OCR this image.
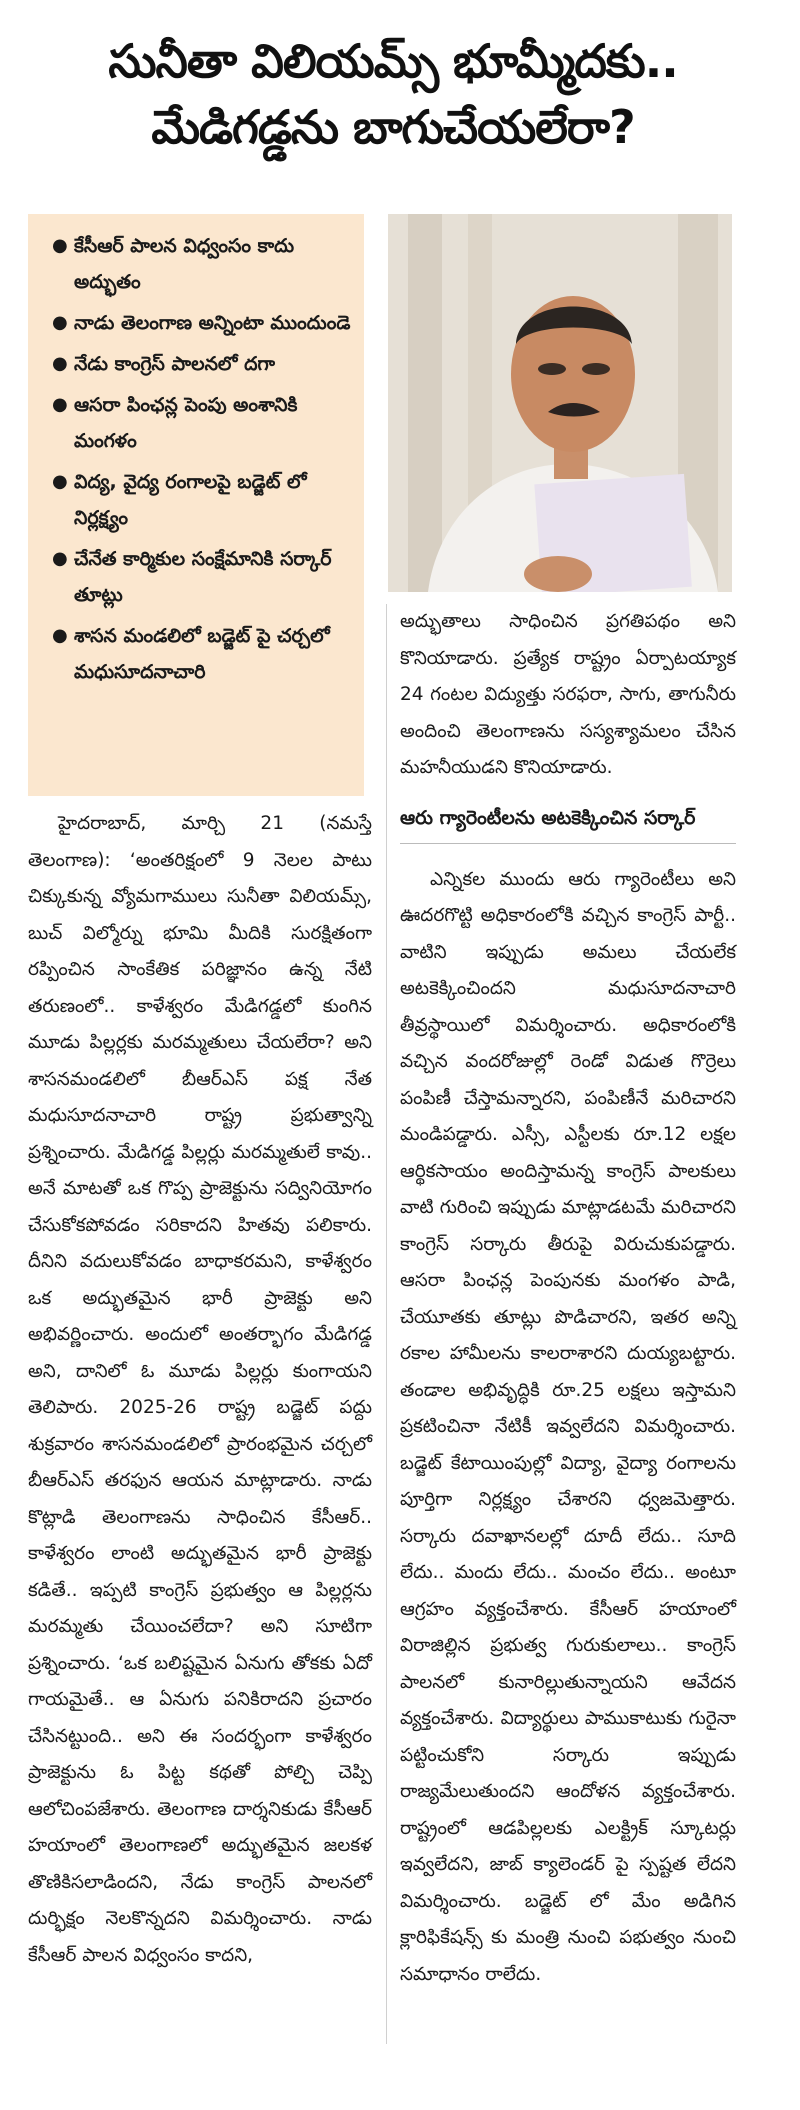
సునీతా విలియమ్స్ భూమ్మీదకు..
మేడిగడ్డను బాగుచేయలేరా?
● కేసీఆర్ పాలన విధ్వంసం కాదు అద్భుతం
● నాడు తెలంగాణ అన్నింటా ముందుండె
● నేడు కాంగ్రెస్ పాలనలో దగా
● ఆసరా పింఛన్ల పెంపు అంశానికి మంగళం
● విద్య, వైద్య రంగాలపై బడ్జెట్ లో నిర్లక్ష్యం
● చేనేత కార్మికుల సంక్షేమానికి సర్కార్ తూట్లు
● శాసన మండలిలో బడ్జెట్ పై చర్చలో మధుసూదనాచారి

హైదరాబాద్, మార్చి 21 (నమస్తే తెలంగాణ): ‘అంతరిక్షంలో 9 నెలల పాటు చిక్కుకున్న వ్యోమగాములు సునీతా విలియమ్స్, బుచ్ విల్మోర్ను భూమి మీదికి సురక్షితంగా రప్పించిన సాంకేతిక పరిజ్ఞానం ఉన్న నేటి తరుణంలో.. కాళేశ్వరం మేడిగడ్డలో కుంగిన మూడు పిల్లర్లకు మరమ్మతులు చేయలేరా? అని శాసనమండలిలో బీఆర్ఎస్ పక్ష నేత మధుసూదనాచారి రాష్ట్ర ప్రభుత్వాన్ని ప్రశ్నించారు. మేడిగడ్డ పిల్లర్లు మరమ్మతులే కావు.. అనే మాటతో ఒక గొప్ప ప్రాజెక్టును సద్వినియోగం చేసుకోకపోవడం సరికాదని హితవు పలికారు. దీనిని వదులుకోవడం బాధాకరమని, కాళేశ్వరం ఒక అద్భుతమైన భారీ ప్రాజెక్టు అని అభివర్ణించారు. అందులో అంతర్భాగం మేడిగడ్డ అని, దానిలో ఓ మూడు పిల్లర్లు కుంగాయని తెలిపారు. 2025-26 రాష్ట్ర బడ్జెట్ పద్దు శుక్రవారం శాసనమండలిలో ప్రారంభమైన చర్చలో బీఆర్ఎస్ తరఫున ఆయన మాట్లాడారు. నాడు కొట్లాడి తెలంగాణను సాధించిన కేసీఆర్.. కాళేశ్వరం లాంటి అద్భుతమైన భారీ ప్రాజెక్టు కడితే.. ఇప్పటి కాంగ్రెస్ ప్రభుత్వం ఆ పిల్లర్లను మరమ్మతు చేయించలేదా? అని సూటిగా ప్రశ్నించారు. ‘ఒక బలిష్టమైన ఏనుగు తోకకు ఏదో గాయమైతే.. ఆ ఏనుగు పనికిరాదని ప్రచారం చేసినట్టుంది.. అని ఈ సందర్భంగా కాళేశ్వరం ప్రాజెక్టును ఓ పిట్ట కథతో పోల్చి చెప్పి ఆలోచింపజేశారు. తెలంగాణ దార్శనికుడు కేసీఆర్ హయాంలో తెలంగాణలో అద్భుతమైన జలకళ తొణికిసలాడిందని, నేడు కాంగ్రెస్ పాలనలో దుర్భిక్షం నెలకొన్నదని విమర్శించారు. నాడు కేసీఆర్ పాలన విధ్వంసం కాదని,

అద్భుతాలు సాధించిన ప్రగతిపథం అని కొనియాడారు. ప్రత్యేక రాష్ట్రం ఏర్పాటయ్యాక 24 గంటల విద్యుత్తు సరఫరా, సాగు, తాగునీరు అందించి తెలంగాణను సస్యశ్యామలం చేసిన మహనీయుడని కొనియాడారు.

ఆరు గ్యారెంటీలను అటకెక్కించిన సర్కార్

ఎన్నికల ముందు ఆరు గ్యారెంటీలు అని ఊదరగొట్టి అధికారంలోకి వచ్చిన కాంగ్రెస్ పార్టీ.. వాటిని ఇప్పుడు అమలు చేయలేక అటకెక్కించిందని మధుసూదనాచారి తీవ్రస్థాయిలో విమర్శించారు. అధికారంలోకి వచ్చిన వందరోజుల్లో రెండో విడుత గొర్రెలు పంపిణీ చేస్తామన్నారని, పంపిణీనే మరిచారని మండిపడ్డారు. ఎస్సీ, ఎస్టీలకు రూ.12 లక్షల ఆర్థికసాయం అందిస్తామన్న కాంగ్రెస్ పాలకులు వాటి గురించి ఇప్పుడు మాట్లాడటమే మరిచారని కాంగ్రెస్ సర్కారు తీరుపై విరుచుకుపడ్డారు. ఆసరా పింఛన్ల పెంపునకు మంగళం పాడి, చేయూతకు తూట్లు పొడిచారని, ఇతర అన్ని రకాల హామీలను కాలరాశారని దుయ్యబట్టారు. తండాల అభివృద్ధికి రూ.25 లక్షలు ఇస్తామని ప్రకటించినా నేటికీ ఇవ్వలేదని విమర్శించారు. బడ్జెట్ కేటాయింపుల్లో విద్యా, వైద్యా రంగాలను పూర్తిగా నిర్లక్ష్యం చేశారని ధ్వజమెత్తారు. సర్కారు దవాఖానలల్లో దూదీ లేదు.. సూది లేదు.. మందు లేదు.. మంచం లేదు.. అంటూ ఆగ్రహం వ్యక్తంచేశారు. కేసీఆర్ హయాంలో విరాజిల్లిన ప్రభుత్వ గురుకులాలు.. కాంగ్రెస్ పాలనలో కునారిల్లుతున్నాయని ఆవేదన వ్యక్తంచేశారు. విద్యార్థులు పాముకాటుకు గురైనా పట్టించుకోని సర్కారు ఇప్పుడు రాజ్యమేలుతుందని ఆందోళన వ్యక్తంచేశారు. రాష్ట్రంలో ఆడపిల్లలకు ఎలక్ట్రిక్ స్కూటర్లు ఇవ్వలేదని, జాబ్ క్యాలెండర్ పై స్పష్టత లేదని విమర్శించారు. బడ్జెట్ లో మేం అడిగిన క్లారిఫికేషన్స్ కు మంత్రి నుంచి పభుత్వం నుంచి సమాధానం రాలేదు.
